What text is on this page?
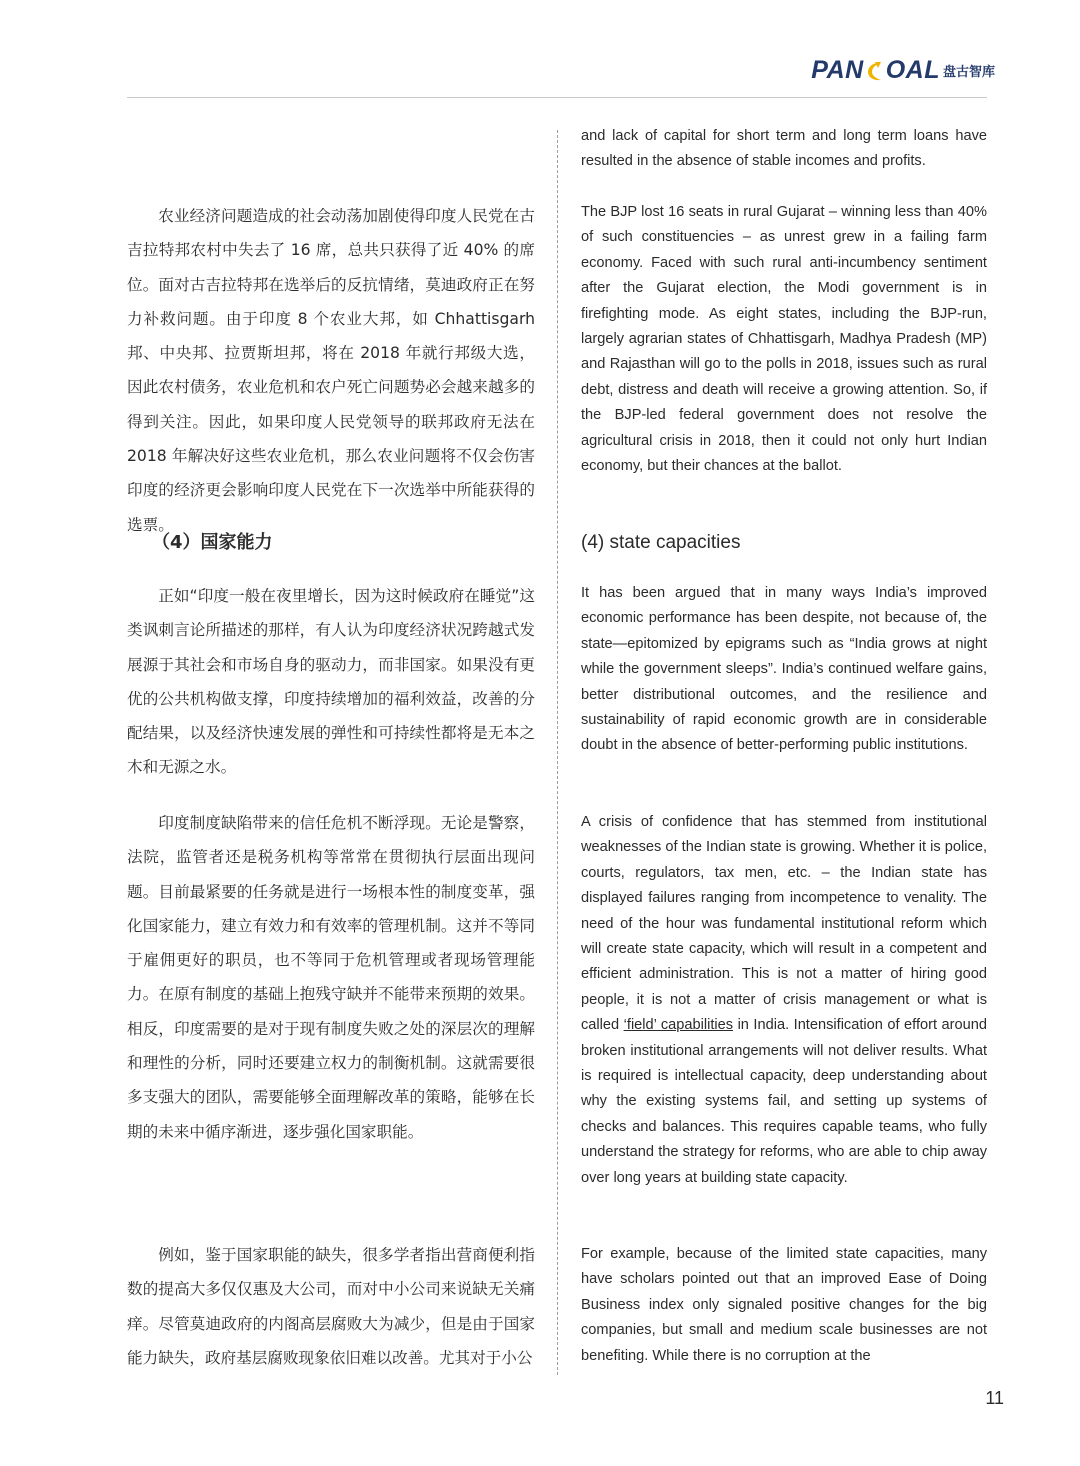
PAN OAL 盘古智库

农业经济问题造成的社会动荡加剧使得印度人民党在古吉拉特邦农村中失去了 16 席，总共只获得了近 40% 的席位。面对古吉拉特邦在选举后的反抗情绪，莫迪政府正在努力补救问题。由于印度 8 个农业大邦，如 Chhattisgarh 邦、中央邦、拉贾斯坦邦，将在 2018 年就行邦级大选，因此农村债务，农业危机和农户死亡问题势必会越来越多的得到关注。因此，如果印度人民党领导的联邦政府无法在 2018 年解决好这些农业危机，那么农业问题将不仅会伤害印度的经济更会影响印度人民党在下一次选举中所能获得的选票。

（4）国家能力

正如“印度一般在夜里增长，因为这时候政府在睡觉”这类讽刺言论所描述的那样，有人认为印度经济状况跨越式发展源于其社会和市场自身的驱动力，而非国家。如果没有更优的公共机构做支撑，印度持续增加的福利效益，改善的分配结果，以及经济快速发展的弹性和可持续性都将是无本之木和无源之水。

印度制度缺陷带来的信任危机不断浮现。无论是警察，法院，监管者还是税务机构等常常在贯彻执行层面出现问题。目前最紧要的任务就是进行一场根本性的制度变革，强化国家能力，建立有效力和有效率的管理机制。这并不等同于雇佣更好的职员，也不等同于危机管理或者现场管理能力。在原有制度的基础上抱残守缺并不能带来预期的效果。相反，印度需要的是对于现有制度失败之处的深层次的理解和理性的分析，同时还要建立权力的制衡机制。这就需要很多支强大的团队，需要能够全面理解改革的策略，能够在长期的未来中循序渐进，逐步强化国家职能。

例如，鉴于国家职能的缺失，很多学者指出营商便利指数的提高大多仅仅惠及大公司，而对中小公司来说缺无关痛痒。尽管莫迪政府的内阁高层腐败大为减少，但是由于国家能力缺失，政府基层腐败现象依旧难以改善。尤其对于小公

and lack of capital for short term and long term loans have resulted in the absence of stable incomes and profits.

The BJP lost 16 seats in rural Gujarat – winning less than 40% of such constituencies – as unrest grew in a failing farm economy. Faced with such rural anti-incumbency sentiment after the Gujarat election, the Modi government is in firefighting mode. As eight states, including the BJP-run, largely agrarian states of Chhattisgarh, Madhya Pradesh (MP) and Rajasthan will go to the polls in 2018, issues such as rural debt, distress and death will receive a growing attention. So, if the BJP-led federal government does not resolve the agricultural crisis in 2018, then it could not only hurt Indian economy, but their chances at the ballot.

(4) state capacities

It has been argued that in many ways India’s improved economic performance has been despite, not because of, the state—epitomized by epigrams such as “India grows at night while the government sleeps”. India’s continued welfare gains, better distributional outcomes, and the resilience and sustainability of rapid economic growth are in considerable doubt in the absence of better-performing public institutions.

A crisis of confidence that has stemmed from institutional weaknesses of the Indian state is growing. Whether it is police, courts, regulators, tax men, etc. – the Indian state has displayed failures ranging from incompetence to venality. The need of the hour was fundamental institutional reform which will create state capacity, which will result in a competent and efficient administration. This is not a matter of hiring good people, it is not a matter of crisis management or what is called ‘field’ capabilities in India. Intensification of effort around broken institutional arrangements will not deliver results. What is required is intellectual capacity, deep understanding about why the existing systems fail, and setting up systems of checks and balances. This requires capable teams, who fully understand the strategy for reforms, who are able to chip away over long years at building state capacity.

For example, because of the limited state capacities, many have scholars pointed out that an improved Ease of Doing Business index only signaled positive changes for the big companies, but small and medium scale businesses are not benefiting. While there is no corruption at the

11
